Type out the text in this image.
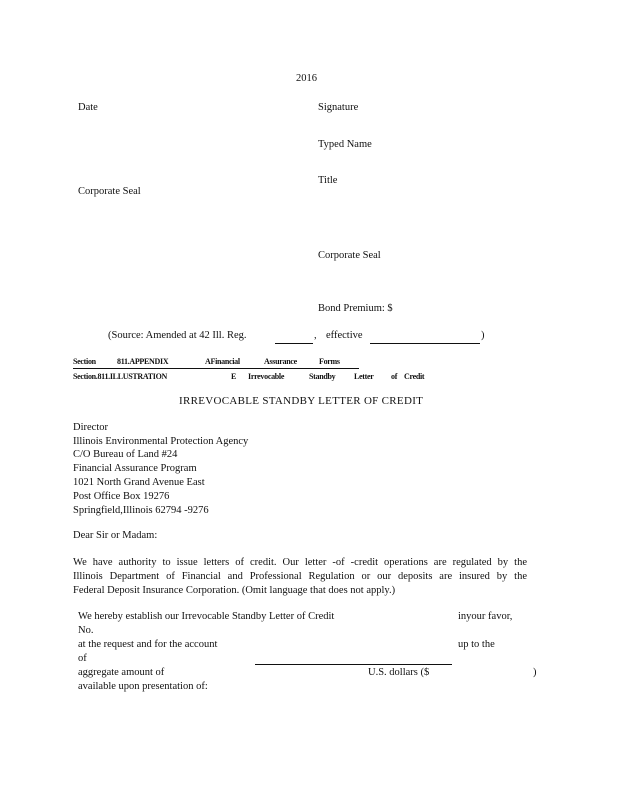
2016
Date	Signature
Typed Name
Title
Corporate Seal
Corporate Seal
Bond Premium: $
(Source: Amended at 42 Ill. Reg.	, effective	)
Section	811.APPENDIX	AFinancial	Assurance	Forms
Section.811.ILLUSTRATION	E Irrevocable	Standby Letter of Credit
IRREVOCABLE STANDBY LETTER OF CREDIT
Director
Illinois Environmental Protection Agency
C/O Bureau of Land #24
Financial Assurance Program
1021 North Grand Avenue East
Post Office Box 19276
Springfield,Illinois 62794 -9276
Dear Sir or Madam:
We have authority to issue letters of credit. Our letter -of -credit operations are regulated by the
Illinois Department of Financial and Professional Regulation or our deposits are insured by the
Federal Deposit Insurance Corporation. (Omit language that does not apply.)
We hereby establish our Irrevocable Standby Letter of Credit	inyour favor,
No.
at the request and for the account	up to the
of
aggregate amount of	U.S. dollars ($	)
available upon presentation of:
